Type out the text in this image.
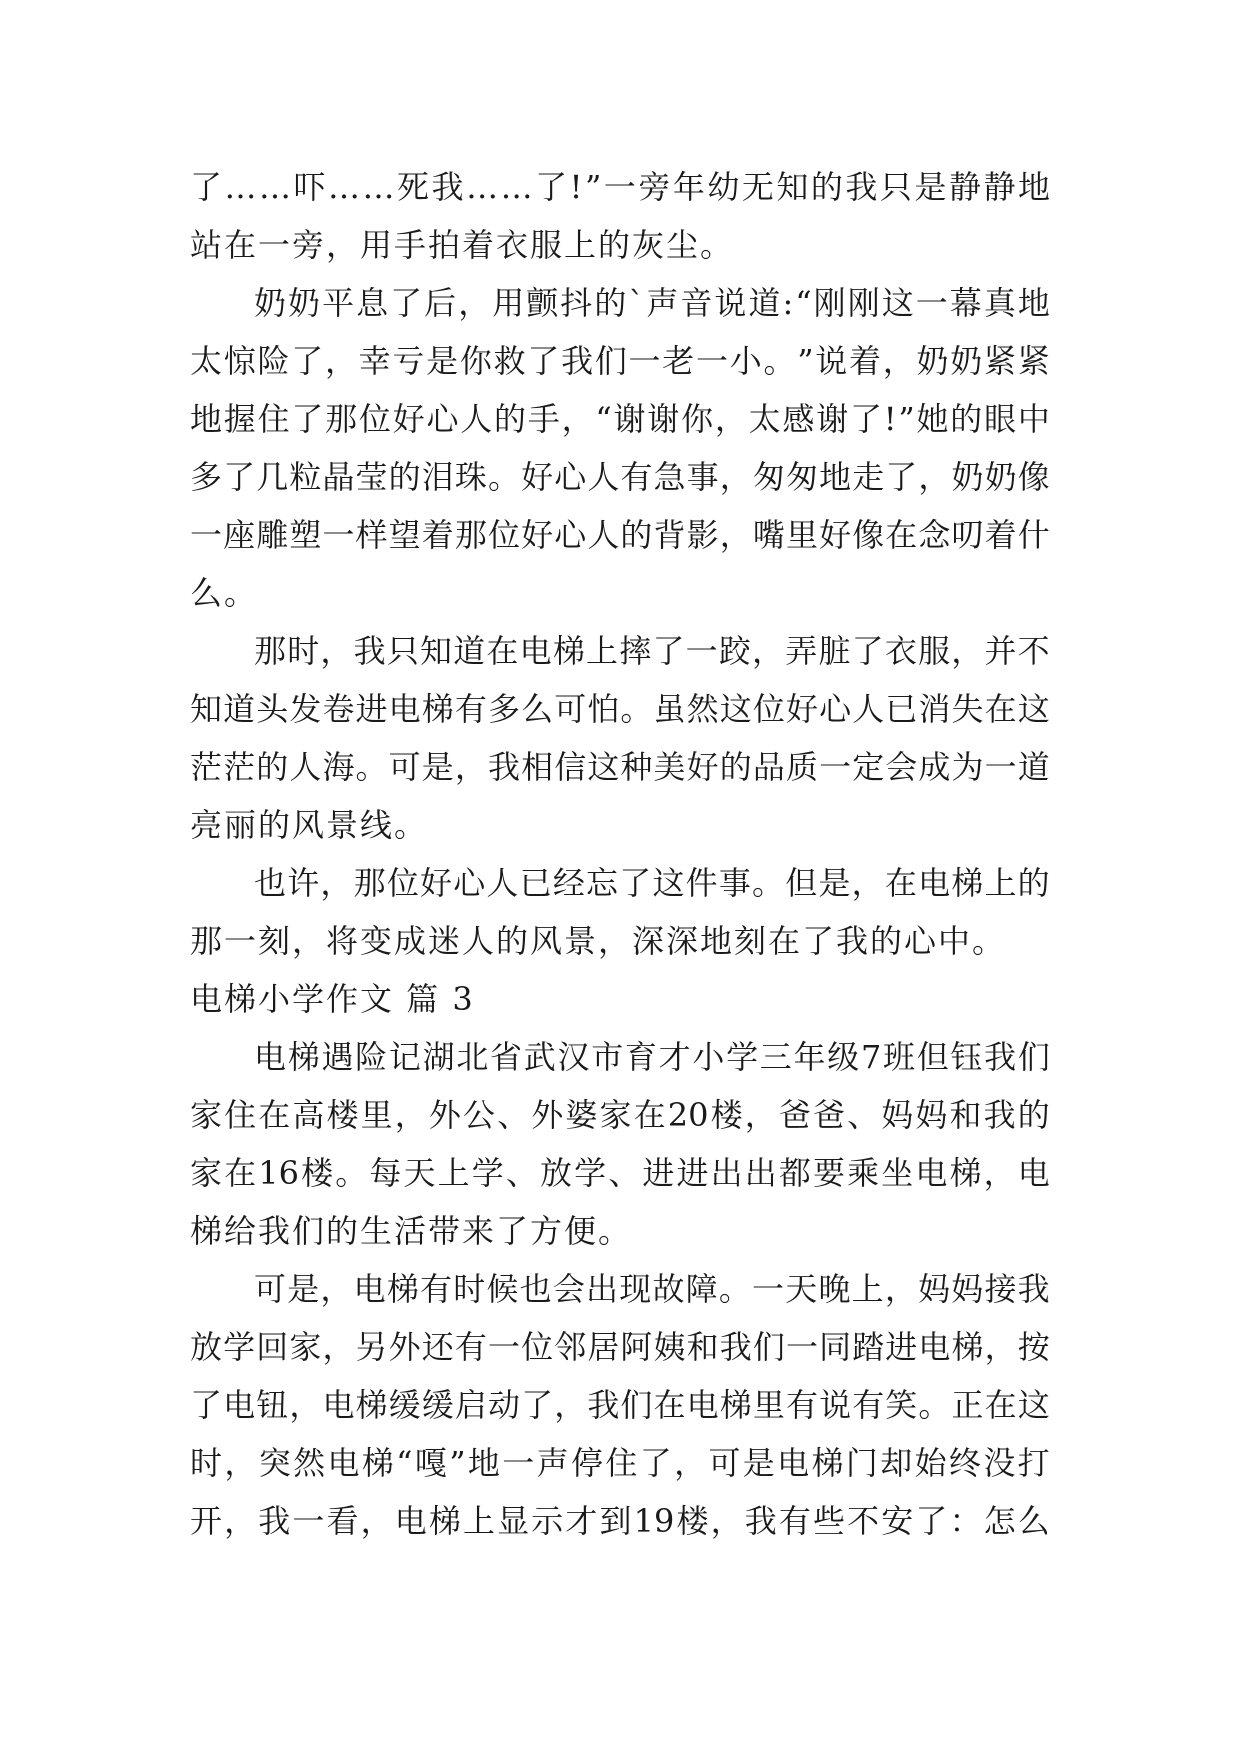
了 … … 吓 … … 死 我 … … 了 ! ” 一 旁 年 幼 无 知 的 我 只 是 静 静 地
站在一旁，用手拍着衣服上的灰尘。
奶 奶 平 息 了 后 ， 用 颤 抖 的 ` 声 音 说 道 : “ 刚 刚 这 一 幕 真 地
太 惊 险 了 ， 幸 亏 是 你 救 了 我 们 一 老 一 小 。 ” 说 着 ， 奶 奶 紧 紧
地 握 住 了 那 位 好 心 人 的 手 ， “ 谢 谢 你 ， 太 感 谢 了 ! ” 她 的 眼 中
多 了 几 粒 晶 莹 的 泪 珠 。 好 心 人 有 急 事 ， 匆 匆 地 走 了 ， 奶 奶 像
一 座 雕 塑 一 样 望 着 那 位 好 心 人 的 背 影 ， 嘴 里 好 像 在 念 叨 着 什
么。
那 时 ， 我 只 知 道 在 电 梯 上 摔 了 一 跤 ， 弄 脏 了 衣 服 ， 并 不
知 道 头 发 卷 进 电 梯 有 多 么 可 怕 。 虽 然 这 位 好 心 人 已 消 失 在 这
茫 茫 的 人 海 。 可 是 ， 我 相 信 这 种 美 好 的 品 质 一 定 会 成 为 一 道
亮丽的风景线。
也 许 ， 那 位 好 心 人 已 经 忘 了 这 件 事 。 但 是 ， 在 电 梯 上 的
那一刻，将变成迷人的风景，深深地刻在了我的心中。
电梯小学作文 篇 3
电 梯 遇 险 记 湖 北 省 武 汉 市 育 才 小 学 三 年 级 7 班 但 钰 我 们
家 住 在 高 楼 里 ， 外 公 、 外 婆 家 在 20 楼 ， 爸 爸 、 妈 妈 和 我 的
家 在 16 楼 。 每 天 上 学 、 放 学 、 进 进 出 出 都 要 乘 坐 电 梯 ， 电
梯给我们的生活带来了方便。
可 是 ， 电 梯 有 时 候 也 会 出 现 故 障 。 一 天 晚 上 ， 妈 妈 接 我
放 学 回 家 ， 另 外 还 有 一 位 邻 居 阿 姨 和 我 们 一 同 踏 进 电 梯 ， 按
了 电 钮 ， 电 梯 缓 缓 启 动 了 ， 我 们 在 电 梯 里 有 说 有 笑 。 正 在 这
时 ， 突 然 电 梯 “ 嘎 ” 地 一 声 停 住 了 ， 可 是 电 梯 门 却 始 终 没 打
开 ， 我 一 看 ， 电 梯 上 显 示 才 到 19 楼 ， 我 有 些 不 安 了 ： 怎 么
